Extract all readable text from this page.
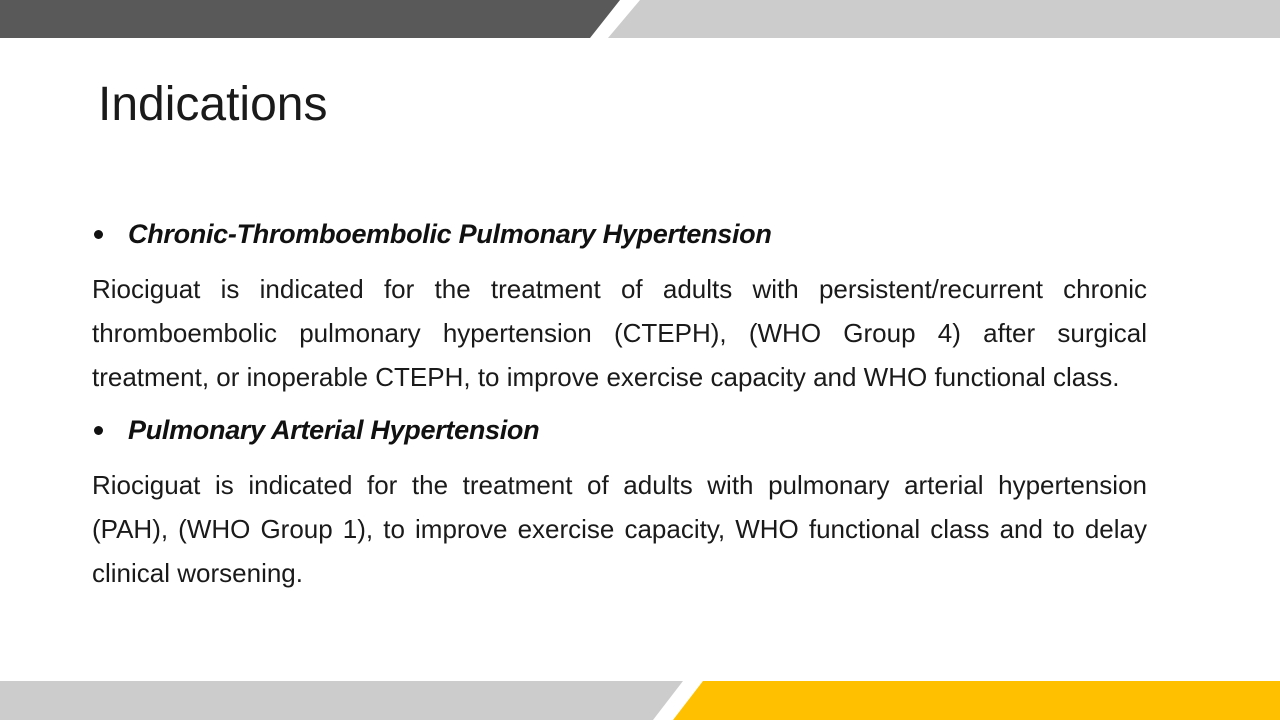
Indications
Chronic-Thromboembolic Pulmonary Hypertension

Riociguat is indicated for the treatment of adults with persistent/recurrent chronic thromboembolic pulmonary hypertension (CTEPH), (WHO Group 4) after surgical treatment, or inoperable CTEPH, to improve exercise capacity and WHO functional class.

Pulmonary Arterial Hypertension

Riociguat is indicated for the treatment of adults with pulmonary arterial hypertension (PAH), (WHO Group 1), to improve exercise capacity, WHO functional class and to delay clinical worsening.
